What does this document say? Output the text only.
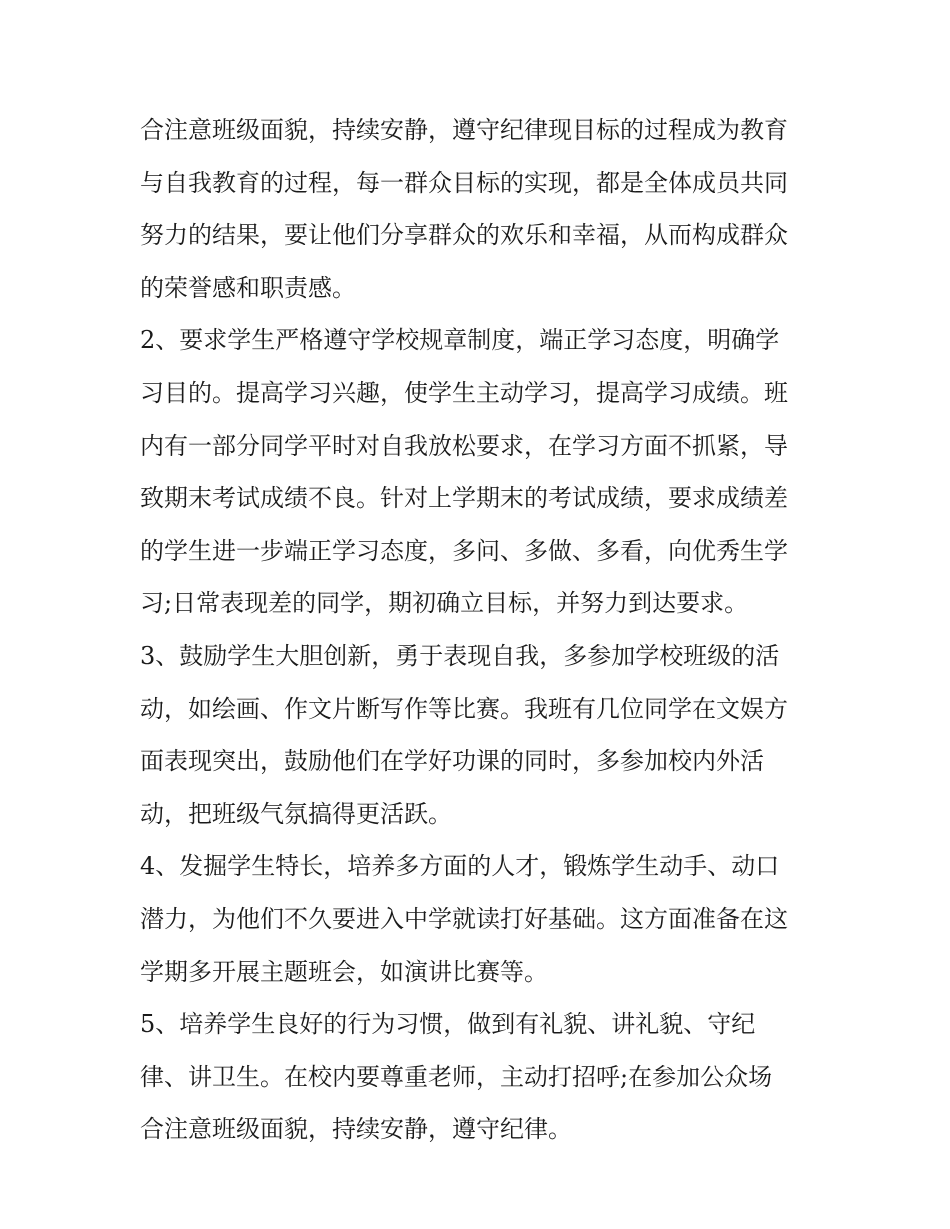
合注意班级面貌，持续安静，遵守纪律现目标的过程成为教育
与自我教育的过程，每一群众目标的实现，都是全体成员共同
努力的结果，要让他们分享群众的欢乐和幸福，从而构成群众
的荣誉感和职责感。
2、要求学生严格遵守学校规章制度，端正学习态度，明确学
习目的。提高学习兴趣，使学生主动学习，提高学习成绩。班
内有一部分同学平时对自我放松要求，在学习方面不抓紧，导
致期末考试成绩不良。针对上学期末的考试成绩，要求成绩差
的学生进一步端正学习态度，多问、多做、多看，向优秀生学
习;日常表现差的同学，期初确立目标，并努力到达要求。
3、鼓励学生大胆创新，勇于表现自我，多参加学校班级的活
动，如绘画、作文片断写作等比赛。我班有几位同学在文娱方
面表现突出，鼓励他们在学好功课的同时，多参加校内外活
动，把班级气氛搞得更活跃。
4、发掘学生特长，培养多方面的人才，锻炼学生动手、动口
潜力，为他们不久要进入中学就读打好基础。这方面准备在这
学期多开展主题班会，如演讲比赛等。
5、培养学生良好的行为习惯，做到有礼貌、讲礼貌、守纪
律、讲卫生。在校内要尊重老师，主动打招呼;在参加公众场
合注意班级面貌，持续安静，遵守纪律。
